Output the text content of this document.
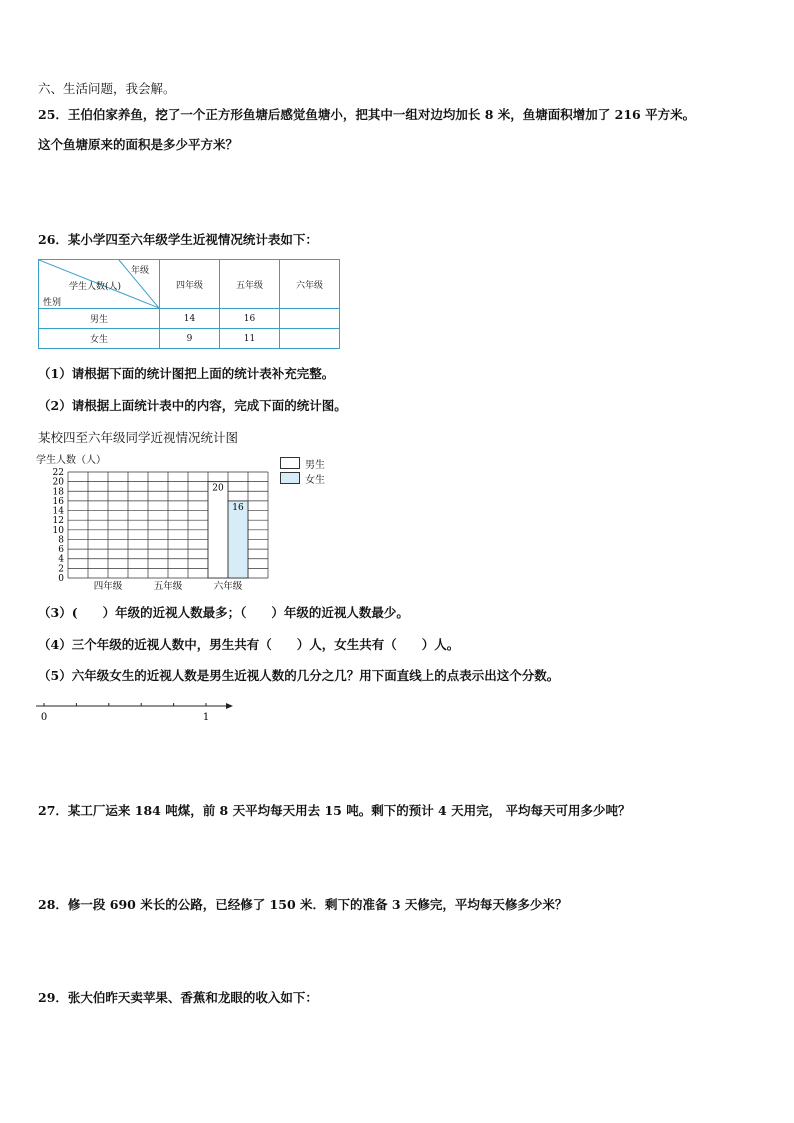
六、生活问题，我会解。
25．王伯伯家养鱼，挖了一个正方形鱼塘后感觉鱼塘小，把其中一组对边均加长 8 米，鱼塘面积增加了 216 平方米。
这个鱼塘原来的面积是多少平方米？
26．某小学四至六年级学生近视情况统计表如下：
年级
学生人数(人)
性别	四年级	五年级	六年级
男生	14	16	
女生	9	11	
（1）请根据下面的统计图把上面的统计表补充完整。
（2）请根据上面统计表中的内容，完成下面的统计图。
某校四至六年级同学近视情况统计图
学生人数（人）
0
2
4
6
8
10
12
14
16
18
20
22
20
16
四年级	五年级	六年级
男生
女生
（3）(　　）年级的近视人数最多；（　　）年级的近视人数最少。
（4）三个年级的近视人数中，男生共有（　　）人，女生共有（　　）人。
（5）六年级女生的近视人数是男生近视人数的几分之几？用下面直线上的点表示出这个分数。
0	1
27．某工厂运来 184 吨煤，前 8 天平均每天用去 15 吨。剩下的预计 4 天用完， 平均每天可用多少吨？
28．修一段 690 米长的公路，已经修了 150 米．剩下的准备 3 天修完，平均每天修多少米？
29．张大伯昨天卖苹果、香蕉和龙眼的收入如下：
